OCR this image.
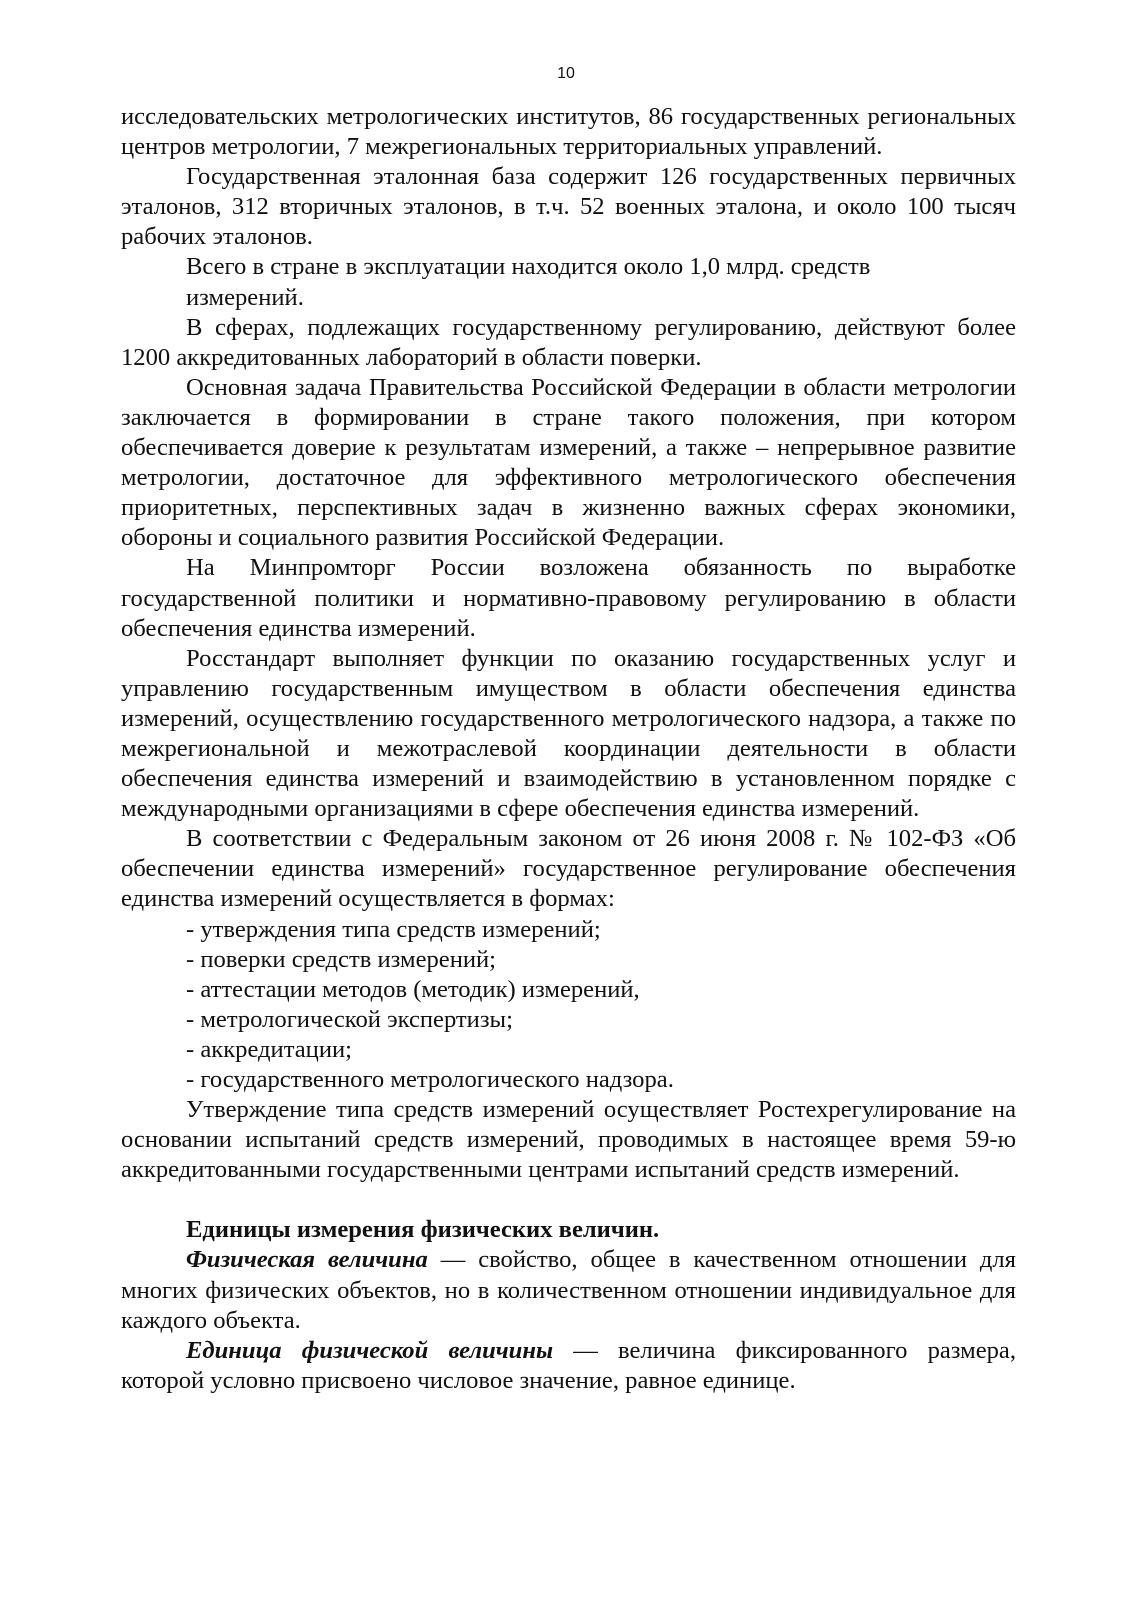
10

исследовательских метрологических институтов, 86 государственных региональных центров метрологии, 7 межрегиональных территориальных управлений.

Государственная эталонная база содержит 126 государственных первичных эталонов, 312 вторичных эталонов, в т.ч. 52 военных эталона, и около 100 тысяч рабочих эталонов.

Всего в стране в эксплуатации находится около 1,0 млрд. средств

измерений.

В сферах, подлежащих государственному регулированию, действуют более 1200 аккредитованных лабораторий в области поверки.

Основная задача Правительства Российской Федерации в области метрологии заключается в формировании в стране такого положения, при котором обеспечивается доверие к результатам измерений, а также – непрерывное развитие метрологии, достаточное для эффективного метрологического обеспечения приоритетных, перспективных задач в жизненно важных сферах экономики, обороны и социального развития Российской Федерации.

На Минпромторг России возложена обязанность по выработке государственной политики и нормативно-правовому регулированию в области обеспечения единства измерений.

Росстандарт выполняет функции по оказанию государственных услуг и управлению государственным имуществом в области обеспечения единства измерений, осуществлению государственного метрологического надзора, а также по межрегиональной и межотраслевой координации деятельности в области обеспечения единства измерений и взаимодействию в установленном порядке с международными организациями в сфере обеспечения единства измерений.

В соответствии с Федеральным законом от 26 июня 2008 г. № 102-ФЗ «Об обеспечении единства измерений» государственное регулирование обеспечения единства измерений осуществляется в формах:

- утверждения типа средств измерений;

- поверки средств измерений;

- аттестации методов (методик) измерений,

- метрологической экспертизы;

- аккредитации;

- государственного метрологического надзора.

Утверждение типа средств измерений осуществляет Ростехрегулирование на основании испытаний средств измерений, проводимых в настоящее время 59-ю аккредитованными государственными центрами испытаний средств измерений.

Единицы измерения физических величин.

Физическая величина — свойство, общее в качественном отношении для многих физических объектов, но в количественном отношении индивидуальное для каждого объекта.

Единица физической величины — величина фиксированного размера, которой условно присвоено числовое значение, равное единице.
